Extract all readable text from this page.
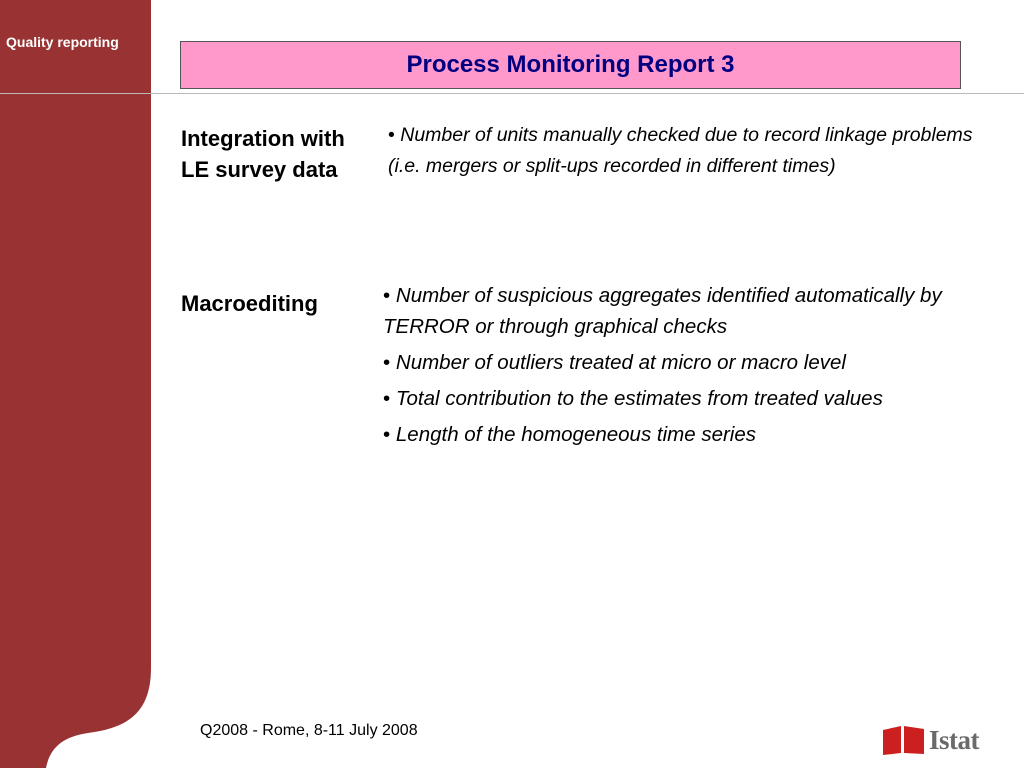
Quality reporting
Process Monitoring Report 3
Integration with LE survey data
• Number of units manually checked due to record linkage problems (i.e. mergers or split-ups recorded in different times)
Macroediting	• Number of suspicious aggregates identified automatically by TERROR or through graphical checks
• Number of outliers treated at micro or macro level
• Total contribution to the estimates from treated values
• Length of the homogeneous time series
Q2008 - Rome, 8-11 July 2008	Istat
